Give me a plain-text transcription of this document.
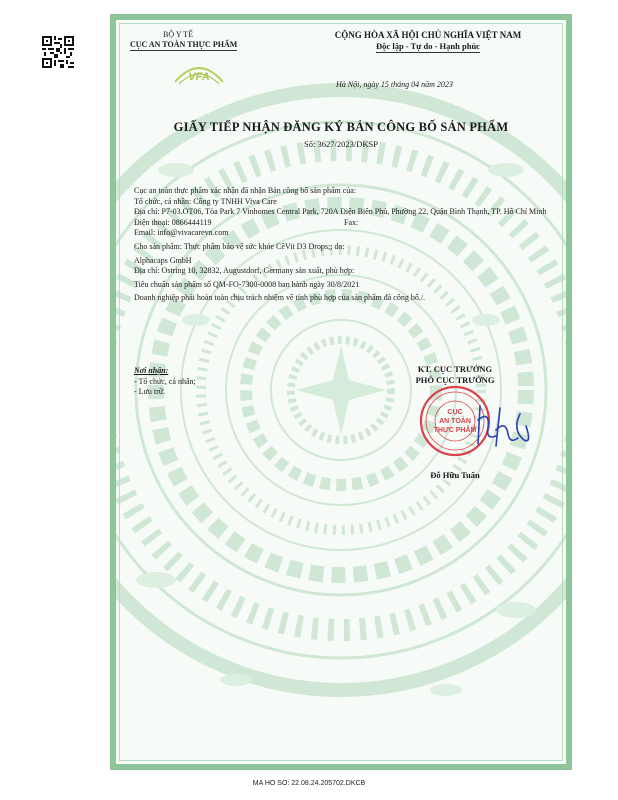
BỘ Y TẾ
CỤC AN TOÀN THỰC PHẨM
VFA
CỘNG HÒA XÃ HỘI CHỦ NGHĨA VIỆT NAM
Độc lập - Tự do - Hạnh phúc
Hà Nội, ngày 15 tháng 04 năm 2023
GIẤY TIẾP NHẬN ĐĂNG KÝ BẢN CÔNG BỐ SẢN PHẨM
Số: 3627/2023/DKSP
Cục an toàn thực phẩm xác nhận đã nhận Bản công bố sản phẩm của:
Tổ chức, cá nhân: Công ty TNHH Viva Care
Địa chỉ: P7-03.OT06, Tòa Park 7 Vinhomes Central Park, 720A Điện Biên Phủ, Phường 22, Quận Bình Thạnh, TP. Hồ Chí Minh
Điện thoại: 0866444119	Fax:
Email: info@vivacarevn.com
Cho sản phẩm: Thực phẩm bảo vệ sức khỏe CêVit D3 Drops;; do:
Alphacaps GmbH
Địa chỉ: Ostring 10, 32832, Augustdorf, Germany sản xuất, phù hợp:
Tiêu chuẩn sản phẩm số QM-FO-7300-0008 ban hành ngày 30/8/2021
Doanh nghiệp phải hoàn toàn chịu trách nhiệm về tính phù hợp của sản phẩm đã công bố./.
Nơi nhận:
- Tổ chức, cá nhân;
- Lưu trữ.
KT. CỤC TRƯỞNG
PHÓ CỤC TRƯỞNG
CỤC
AN TOÀN
THỰC PHẨM
Đỗ Hữu Tuấn
MA HO SO: 22.08.24.205702.DKCB
